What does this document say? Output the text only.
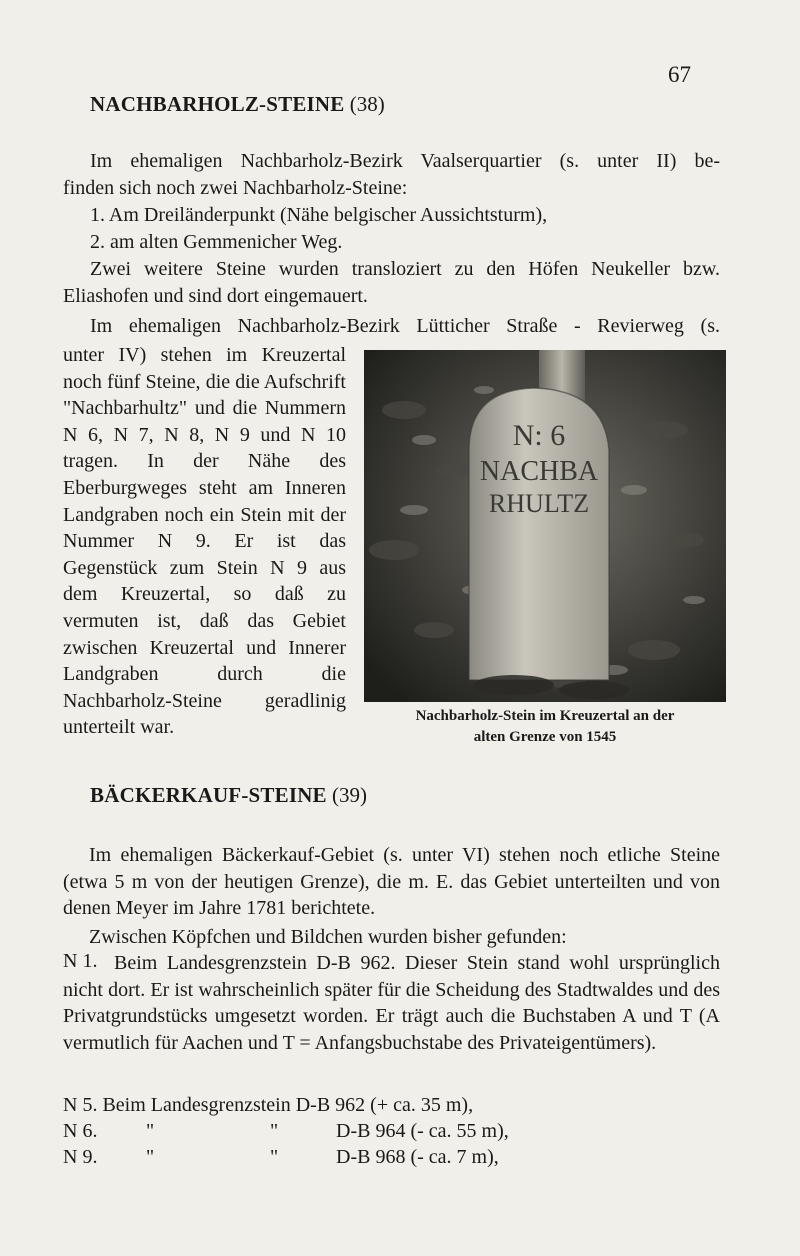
67
NACHBARHOLZ-STEINE (38)
Im ehemaligen Nachbarholz-Bezirk Vaalserquartier (s. unter II) be-
finden sich noch zwei Nachbarholz-Steine:
1. Am Dreiländerpunkt (Nähe belgischer Aussichtsturm),
2. am alten Gemmenicher Weg.
Zwei weitere Steine wurden transloziert zu den Höfen Neukeller bzw.
Eliashofen und sind dort eingemauert.
Im ehemaligen Nachbarholz-Bezirk Lütticher Straße - Revierweg (s.
unter IV) stehen im Kreuzertal noch fünf Steine, die die Aufschrift "Nachbarhultz" und die Nummern N 6, N 7, N 8, N 9 und N 10 tragen. In der Nähe des Eberburgweges steht am Inneren Landgraben noch ein Stein mit der Nummer N 9. Er ist das Gegenstück zum Stein N 9 aus dem Kreuzertal, so daß zu vermuten ist, daß das Gebiet zwischen Kreuzertal und Innerer Landgraben durch die Nachbarholz-Steine geradlinig unterteilt war.
N: 6
NACHBA
RHULTZ
Nachbarholz-Stein im Kreuzertal an der
alten Grenze von 1545
BÄCKERKAUF-STEINE (39)

Im ehemaligen Bäckerkauf-Gebiet (s. unter VI) stehen noch etliche Steine (etwa 5 m von der heutigen Grenze), die m. E. das Gebiet unterteilten und von denen Meyer im Jahre 1781 berichtete.

Zwischen Köpfchen und Bildchen wurden bisher gefunden:

N 1. Beim Landesgrenzstein D-B 962. Dieser Stein stand wohl ursprünglich nicht dort. Er ist wahrscheinlich später für die Scheidung des Stadtwaldes und des Privatgrundstücks umgesetzt worden. Er trägt auch die Buchstaben A und T (A vermutlich für Aachen und T = Anfangsbuchstabe des Privateigentümers).

N 5. Beim Landesgrenzstein D-B 962 (+ ca. 35 m),
N 6. "	"	D-B 964 (- ca. 55 m),
N 9. "	"	D-B 968 (- ca. 7 m),
